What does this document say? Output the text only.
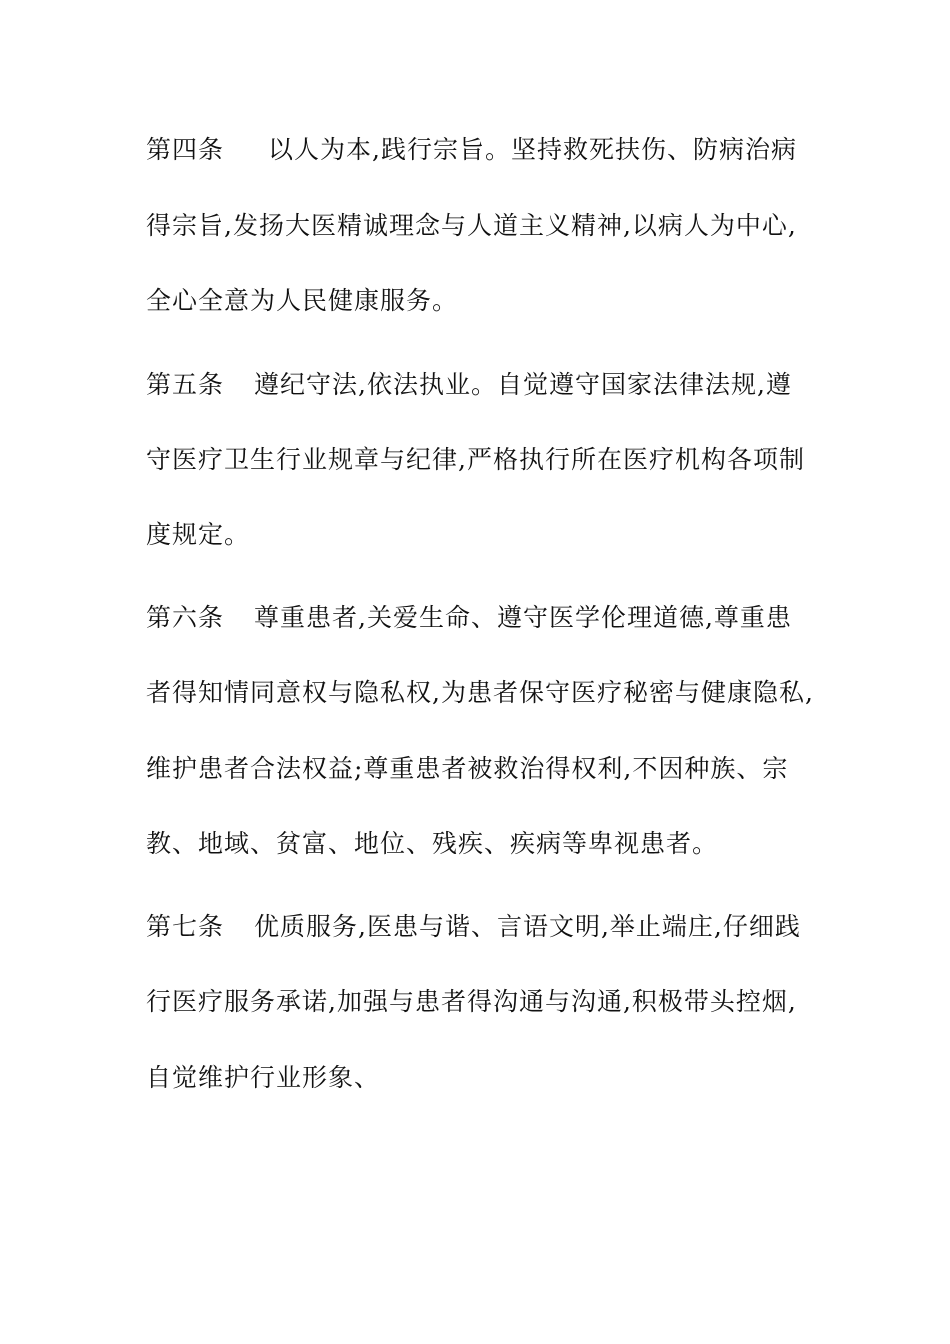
第四条 以人为本,践行宗旨。坚持救死扶伤、防病治病
得宗旨,发扬大医精诚理念与人道主义精神,以病人为中心,
全心全意为人民健康服务。
第五条 遵纪守法,依法执业。自觉遵守国家法律法规,遵
守医疗卫生行业规章与纪律,严格执行所在医疗机构各项制
度规定。
第六条 尊重患者,关爱生命、遵守医学伦理道德,尊重患
者得知情同意权与隐私权,为患者保守医疗秘密与健康隐私,
维护患者合法权益;尊重患者被救治得权利,不因种族、宗
教、地域、贫富、地位、残疾、疾病等卑视患者。
第七条 优质服务,医患与谐、言语文明,举止端庄,仔细践
行医疗服务承诺,加强与患者得沟通与沟通,积极带头控烟,
自觉维护行业形象、
